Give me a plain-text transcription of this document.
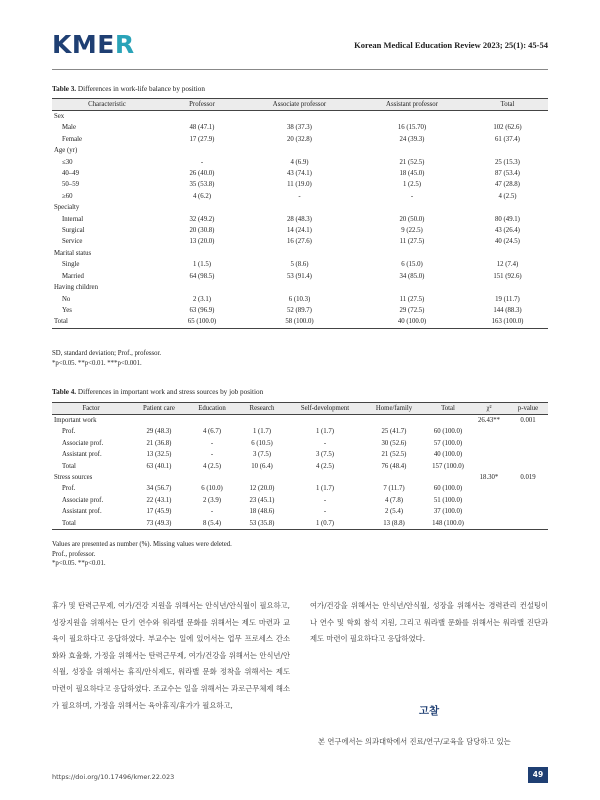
KMER	Korean Medical Education Review 2023; 25(1): 45-54
Table 3. Differences in work-life balance by position
Characteristic	Professor	Associate professor	Assistant professor	Total
Sex				
Male	48 (47.1)	38 (37.3)	16 (15.70)	102 (62.6)
Female	17 (27.9)	20 (32.8)	24 (39.3)	61 (37.4)
Age (yr)				
≤30	-	4 (6.9)	21 (52.5)	25 (15.3)
40–49	26 (40.0)	43 (74.1)	18 (45.0)	87 (53.4)
50–59	35 (53.8)	11 (19.0)	1 (2.5)	47 (28.8)
≥60	4 (6.2)	-	-	4 (2.5)
Specialty				
Internal	32 (49.2)	28 (48.3)	20 (50.0)	80 (49.1)
Surgical	20 (30.8)	14 (24.1)	9 (22.5)	43 (26.4)
Service	13 (20.0)	16 (27.6)	11 (27.5)	40 (24.5)
Marital status				
Single	1 (1.5)	5 (8.6)	6 (15.0)	12 (7.4)
Married	64 (98.5)	53 (91.4)	34 (85.0)	151 (92.6)
Having children				
No	2 (3.1)	6 (10.3)	11 (27.5)	19 (11.7)
Yes	63 (96.9)	52 (89.7)	29 (72.5)	144 (88.3)
Total	65 (100.0)	58 (100.0)	40 (100.0)	163 (100.0)
SD, standard deviation; Prof., professor.
*p<0.05. **p<0.01. ***p<0.001.
Table 4. Differences in important work and stress sources by job position
Factor	Patient care	Education	Research	Self-development	Home/family	Total	χ²	p-value
Important work							26.43**	0.001
Prof.	29 (48.3)	4 (6.7)	1 (1.7)	1 (1.7)	25 (41.7)	60 (100.0)		
Associate prof.	21 (36.8)	-	6 (10.5)	-	30 (52.6)	57 (100.0)		
Assistant prof.	13 (32.5)	-	3 (7.5)	3 (7.5)	21 (52.5)	40 (100.0)		
Total	63 (40.1)	4 (2.5)	10 (6.4)	4 (2.5)	76 (48.4)	157 (100.0)		
Stress sources							18.30*	0.019
Prof.	34 (56.7)	6 (10.0)	12 (20.0)	1 (1.7)	7 (11.7)	60 (100.0)		
Associate prof.	22 (43.1)	2 (3.9)	23 (45.1)	-	4 (7.8)	51 (100.0)		
Assistant prof.	17 (45.9)	-	18 (48.6)	-	2 (5.4)	37 (100.0)		
Total	73 (49.3)	8 (5.4)	53 (35.8)	1 (0.7)	13 (8.8)	148 (100.0)		
Values are presented as number (%). Missing values were deleted.
Prof., professor.
*p<0.05. **p<0.01.

휴가 및 탄력근무제, 여가/건강 지원을 위해서는 안식년/안식월이 필요하고, 성장지원을 위해서는 단기 연수와 워라밸 문화를 위해서는 제도 마련과 교육이 필요하다고 응답하였다. 부교수는 일에 있어서는 업무 프로세스 간소화와 효율화, 가정을 위해서는 탄력근무제, 여가/건강을 위해서는 안식년/안식월, 성장을 위해서는 휴직/안식제도, 워라밸 문화 정착을 위해서는 제도 마련이 필요하다고 응답하였다. 조교수는 일을 위해서는 과로근무체제 해소가 필요하며, 가정을 위해서는 육아휴직/휴가가 필요하고,

여가/건강을 위해서는 안식년/안식월, 성장을 위해서는 경력관리 컨설팅이나 연수 및 학회 참석 지원, 그리고 워라밸 문화를 위해서는 워라밸 진단과 제도 마련이 필요하다고 응답하였다.

고찰
본 연구에서는 의과대학에서 진료/연구/교육을 담당하고 있는
https://doi.org/10.17496/kmer.22.023	49
